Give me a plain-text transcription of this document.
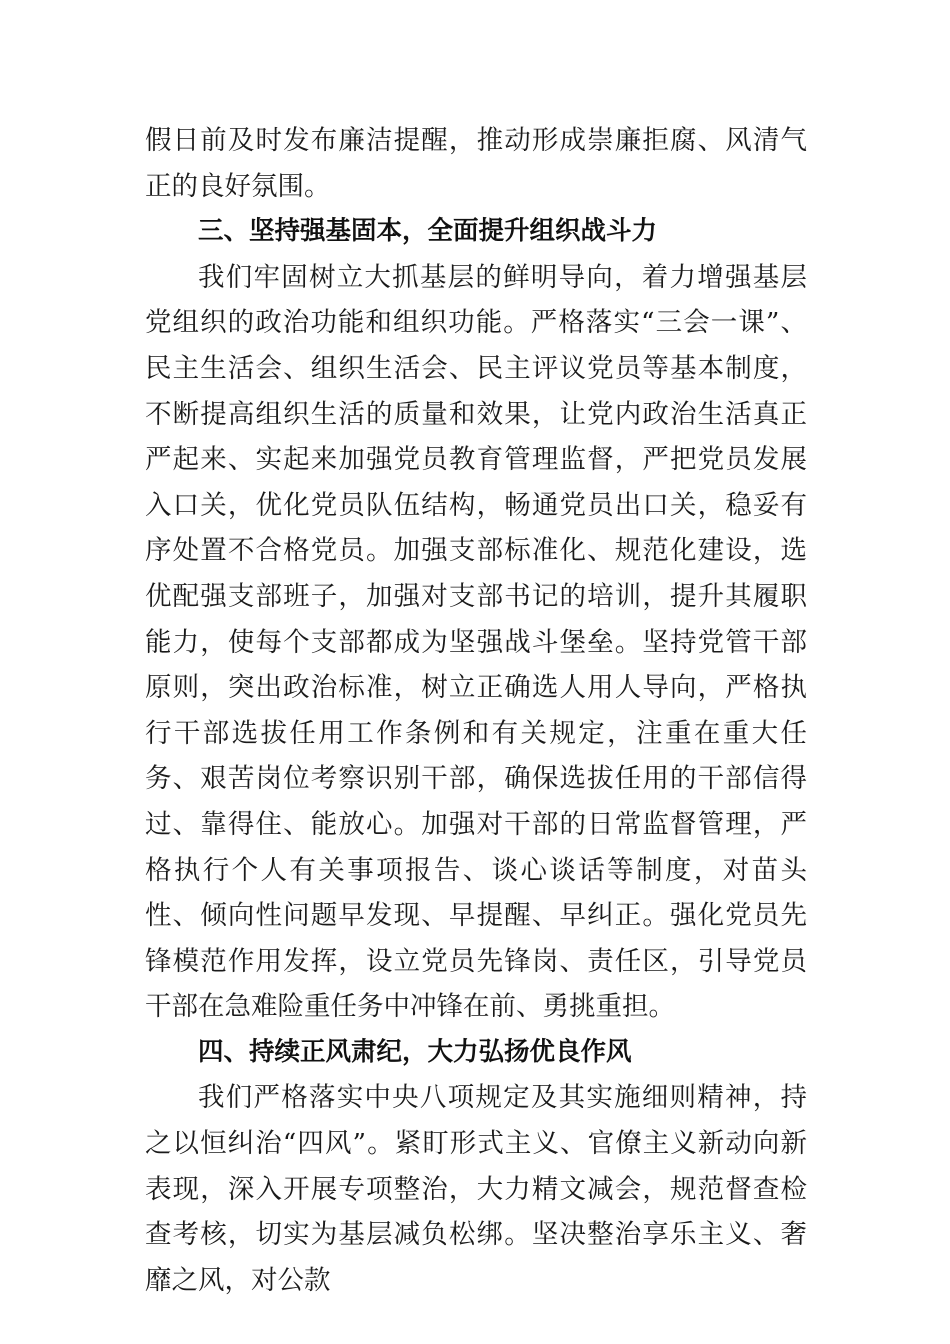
假日前及时发布廉洁提醒，推动形成崇廉拒腐、风清气正的良好氛围。

三、坚持强基固本，全面提升组织战斗力

我们牢固树立大抓基层的鲜明导向，着力增强基层党组织的政治功能和组织功能。严格落实“三会一课”、民主生活会、组织生活会、民主评议党员等基本制度，不断提高组织生活的质量和效果，让党内政治生活真正严起来、实起来加强党员教育管理监督，严把党员发展入口关，优化党员队伍结构，畅通党员出口关，稳妥有序处置不合格党员。加强支部标准化、规范化建设，选优配强支部班子，加强对支部书记的培训，提升其履职能力，使每个支部都成为坚强战斗堡垒。坚持党管干部原则，突出政治标准，树立正确选人用人导向，严格执行干部选拔任用工作条例和有关规定，注重在重大任务、艰苦岗位考察识别干部，确保选拔任用的干部信得过、靠得住、能放心。加强对干部的日常监督管理，严格执行个人有关事项报告、谈心谈话等制度，对苗头性、倾向性问题早发现、早提醒、早纠正。强化党员先锋模范作用发挥，设立党员先锋岗、责任区，引导党员干部在急难险重任务中冲锋在前、勇挑重担。

四、持续正风肃纪，大力弘扬优良作风

我们严格落实中央八项规定及其实施细则精神，持之以恒纠治“四风”。紧盯形式主义、官僚主义新动向新表现，深入开展专项整治，大力精文减会，规范督查检查考核，切实为基层减负松绑。坚决整治享乐主义、奢靡之风，对公款
